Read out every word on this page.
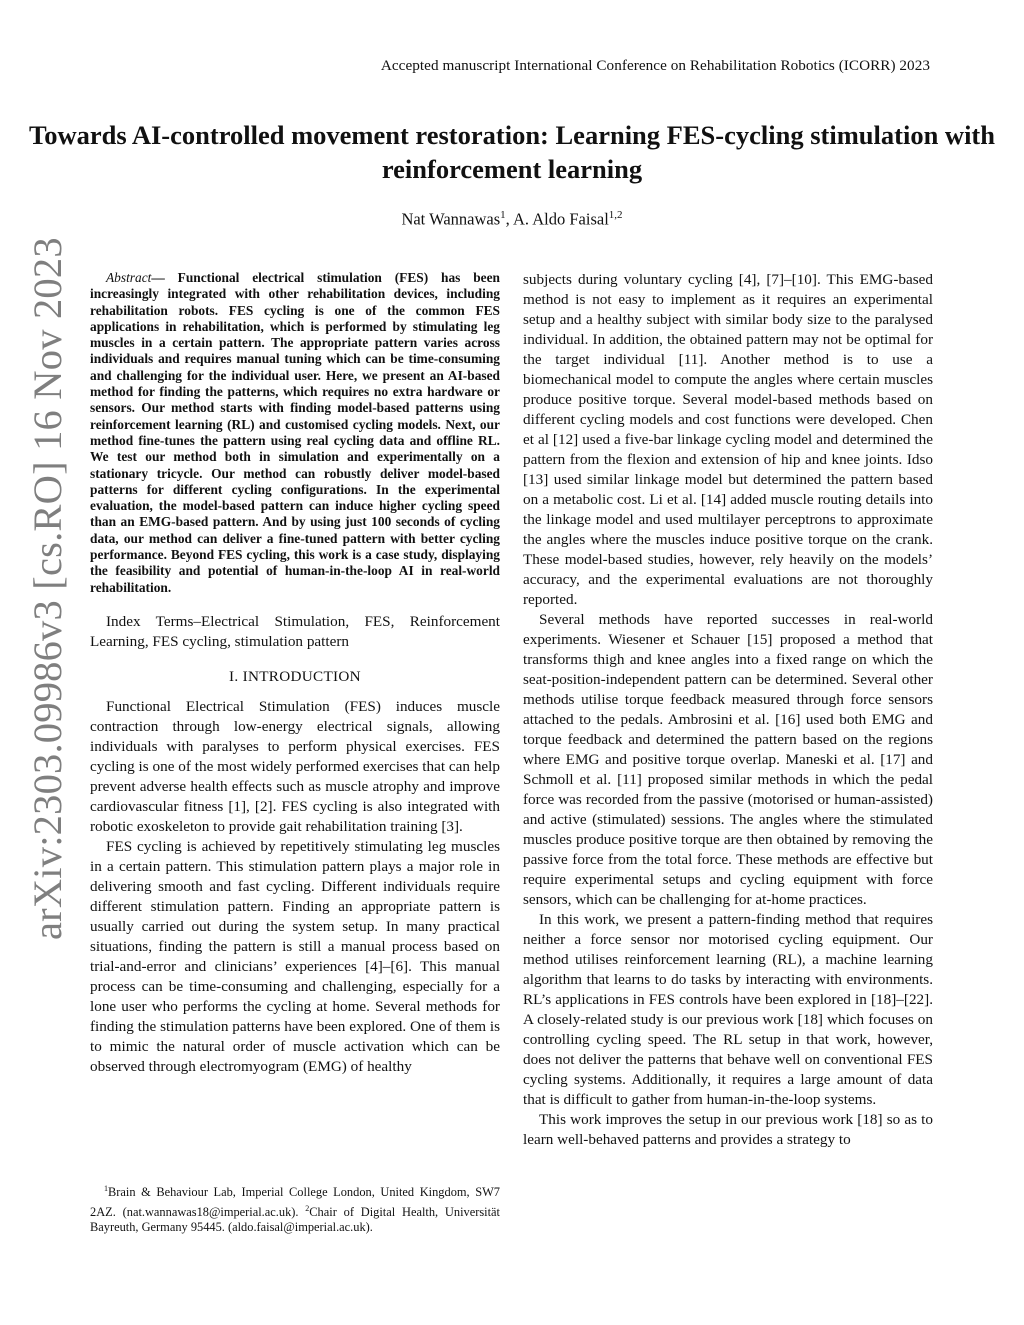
Accepted manuscript International Conference on Rehabilitation Robotics (ICORR) 2023
Towards AI-controlled movement restoration: Learning FES-cycling stimulation with reinforcement learning
Nat Wannawas$^1$, A. Aldo Faisal$^{1,2}$
arXiv:2303.09986v3 [cs.RO] 16 Nov 2023	Abstract— Functional electrical stimulation (FES) has been increasingly integrated with other rehabilitation devices, including rehabilitation robots. FES cycling is one of the common FES applications in rehabilitation, which is performed by stimulating leg muscles in a certain pattern. The appropriate pattern varies across individuals and requires manual tuning which can be time-consuming and challenging for the individual user. Here, we present an AI-based method for finding the patterns, which requires no extra hardware or sensors. Our method starts with finding model-based patterns using reinforcement learning (RL) and customised cycling models. Next, our method fine-tunes the pattern using real cycling data and offline RL. We test our method both in simulation and experimentally on a stationary tricycle. Our method can robustly deliver model-based patterns for different cycling configurations. In the experimental evaluation, the model-based pattern can induce higher cycling speed than an EMG-based pattern. And by using just 100 seconds of cycling data, our method can deliver a fine-tuned pattern with better cycling performance. Beyond FES cycling, this work is a case study, displaying the feasibility and potential of human-in-the-loop AI in real-world rehabilitation.

Index Terms–Electrical Stimulation, FES, Reinforcement Learning, FES cycling, stimulation pattern

I. INTRODUCTION

Functional Electrical Stimulation (FES) induces muscle contraction through low-energy electrical signals, allowing individuals with paralyses to perform physical exercises. FES cycling is one of the most widely performed exercises that can help prevent adverse health effects such as muscle atrophy and improve cardiovascular fitness [1], [2]. FES cycling is also integrated with robotic exoskeleton to provide gait rehabilitation training [3].

FES cycling is achieved by repetitively stimulating leg muscles in a certain pattern. This stimulation pattern plays a major role in delivering smooth and fast cycling. Different individuals require different stimulation pattern. Finding an appropriate pattern is usually carried out during the system setup. In many practical situations, finding the pattern is still a manual process based on trial-and-error and clinicians’ experiences [4]–[6]. This manual process can be time-consuming and challenging, especially for a lone user who performs the cycling at home. Several methods for finding the stimulation patterns have been explored. One of them is to mimic the natural order of muscle activation which can be observed through electromyogram (EMG) of healthy

subjects during voluntary cycling [4], [7]–[10]. This EMG-based method is not easy to implement as it requires an experimental setup and a healthy subject with similar body size to the paralysed individual. In addition, the obtained pattern may not be optimal for the target individual [11]. Another method is to use a biomechanical model to compute the angles where certain muscles produce positive torque. Several model-based methods based on different cycling models and cost functions were developed. Chen et al [12] used a five-bar linkage cycling model and determined the pattern from the flexion and extension of hip and knee joints. Idso [13] used similar linkage model but determined the pattern based on a metabolic cost. Li et al. [14] added muscle routing details into the linkage model and used multilayer perceptrons to approximate the angles where the muscles induce positive torque on the crank. These model-based studies, however, rely heavily on the models’ accuracy, and the experimental evaluations are not thoroughly reported.

Several methods have reported successes in real-world experiments. Wiesener et Schauer [15] proposed a method that transforms thigh and knee angles into a fixed range on which the seat-position-independent pattern can be determined. Several other methods utilise torque feedback measured through force sensors attached to the pedals. Ambrosini et al. [16] used both EMG and torque feedback and determined the pattern based on the regions where EMG and positive torque overlap. Maneski et al. [17] and Schmoll et al. [11] proposed similar methods in which the pedal force was recorded from the passive (motorised or human-assisted) and active (stimulated) sessions. The angles where the stimulated muscles produce positive torque are then obtained by removing the passive force from the total force. These methods are effective but require experimental setups and cycling equipment with force sensors, which can be challenging for at-home practices.

In this work, we present a pattern-finding method that requires neither a force sensor nor motorised cycling equipment. Our method utilises reinforcement learning (RL), a machine learning algorithm that learns to do tasks by interacting with environments. RL’s applications in FES controls have been explored in [18]–[22]. A closely-related study is our previous work [18] which focuses on controlling cycling speed. The RL setup in that work, however, does not deliver the patterns that behave well on conventional FES cycling systems. Additionally, it requires a large amount of data that is difficult to gather from human-in-the-loop systems.

This work improves the setup in our previous work [18] so as to learn well-behaved patterns and provides a strategy to

$^1$Brain & Behaviour Lab, Imperial College London, United Kingdom, SW7 2AZ. (nat.wannawas18@imperial.ac.uk). $^2$Chair of Digital Health, Universität Bayreuth, Germany 95445. (aldo.faisal@imperial.ac.uk).
